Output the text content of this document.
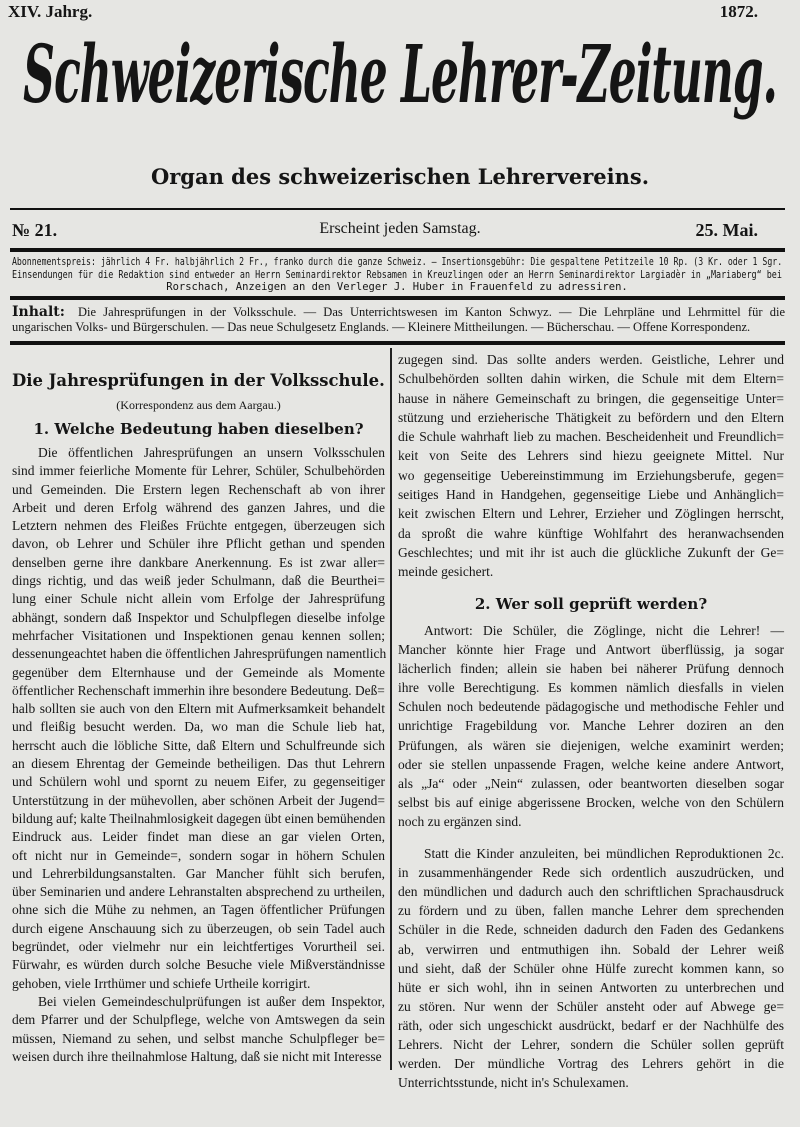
XIV. Jahrg.	1872.
Schweizerische Lehrer-Zeitung.
Organ des schweizerischen Lehrervereins.
№ 21.	Erscheint jeden Samstag.	25. Mai.
Abonnementspreis: jährlich 4 Fr. halbjährlich 2 Fr., franko durch die ganze Schweiz. — Insertionsgebühr: Die gespaltene Petitzeile 10 Rp. (3 Kr. oder 1 Sgr.
Einsendungen für die Redaktion sind entweder an Herrn Seminardirektor Rebsamen in Kreuzlingen oder an Herrn Seminardirektor Largiadèr in „Mariaberg“ bei
Rorschach, Anzeigen an den Verleger J. Huber in Frauenfeld zu adressiren.
Inhalt:	Die Jahresprüfungen in der Volksschule. — Das Unterrichtswesen im Kanton Schwyz. — Die Lehrpläne und Lehrmittel für die
ungarischen Volks- und Bürgerschulen. — Das neue Schulgesetz Englands. — Kleinere Mittheilungen. — Bücherschau. — Offene Korrespondenz.
Die Jahresprüfungen in der Volksschule.
(Korrespondenz aus dem Aargau.)
1. Welche Bedeutung haben dieselben?
Die öffentlichen Jahresprüfungen an unsern Volksschulen
sind immer feierliche Momente für Lehrer, Schüler, Schulbehörden
und Gemeinden. Die Erstern legen Rechenschaft ab von ihrer
Arbeit und deren Erfolg während des ganzen Jahres, und die
Letztern nehmen des Fleißes Früchte entgegen, überzeugen sich
davon, ob Lehrer und Schüler ihre Pflicht gethan und spenden
denselben gerne ihre dankbare Anerkennung. Es ist zwar aller=
dings richtig, und das weiß jeder Schulmann, daß die Beurthei=
lung einer Schule nicht allein vom Erfolge der Jahresprüfung
abhängt, sondern daß Inspektor und Schulpflegen dieselbe infolge
mehrfacher Visitationen und Inspektionen genau kennen sollen;
dessenungeachtet haben die öffentlichen Jahresprüfungen namentlich
gegenüber dem Elternhause und der Gemeinde als Momente
öffentlicher Rechenschaft immerhin ihre besondere Bedeutung. Deß=
halb sollten sie auch von den Eltern mit Aufmerksamkeit behandelt
und fleißig besucht werden. Da, wo man die Schule lieb hat,
herrscht auch die löbliche Sitte, daß Eltern und Schulfreunde sich
an diesem Ehrentag der Gemeinde betheiligen. Das thut Lehrern
und Schülern wohl und spornt zu neuem Eifer, zu gegenseitiger
Unterstützung in der mühevollen, aber schönen Arbeit der Jugend=
bildung auf; kalte Theilnahmlosigkeit dagegen übt einen bemühenden
Eindruck aus. Leider findet man diese an gar vielen Orten,
oft nicht nur in Gemeinde=, sondern sogar in höhern Schulen
und Lehrerbildungsanstalten. Gar Mancher fühlt sich berufen,
über Seminarien und andere Lehranstalten absprechend zu urtheilen,
ohne sich die Mühe zu nehmen, an Tagen öffentlicher Prüfungen
durch eigene Anschauung sich zu überzeugen, ob sein Tadel auch
begründet, oder vielmehr nur ein leichtfertiges Vorurtheil sei.
Fürwahr, es würden durch solche Besuche viele Mißverständnisse
gehoben, viele Irrthümer und schiefe Urtheile korrigirt.
Bei vielen Gemeindeschulprüfungen ist außer dem Inspektor,
dem Pfarrer und der Schulpflege, welche von Amtswegen da sein
müssen, Niemand zu sehen, und selbst manche Schulpfleger be=
weisen durch ihre theilnahmlose Haltung, daß sie nicht mit Interesse
zugegen sind. Das sollte anders werden. Geistliche, Lehrer und
Schulbehörden sollten dahin wirken, die Schule mit dem Eltern=
hause in nähere Gemeinschaft zu bringen, die gegenseitige Unter=
stützung und erzieherische Thätigkeit zu befördern und den Eltern
die Schule wahrhaft lieb zu machen. Bescheidenheit und Freundlich=
keit von Seite des Lehrers sind hiezu geeignete Mittel. Nur
wo gegenseitige Uebereinstimmung im Erziehungsberufe, gegen=
seitiges Hand in Handgehen, gegenseitige Liebe und Anhänglich=
keit zwischen Eltern und Lehrer, Erzieher und Zöglingen herrscht,
da sproßt die wahre künftige Wohlfahrt des heranwachsenden
Geschlechtes; und mit ihr ist auch die glückliche Zukunft der Ge=
meinde gesichert.
2. Wer soll geprüft werden?
Antwort: Die Schüler, die Zöglinge, nicht die Lehrer! —
Mancher könnte hier Frage und Antwort überflüssig, ja sogar
lächerlich finden; allein sie haben bei näherer Prüfung dennoch
ihre volle Berechtigung. Es kommen nämlich diesfalls in vielen
Schulen noch bedeutende pädagogische und methodische Fehler und
unrichtige Fragebildung vor. Manche Lehrer doziren an den
Prüfungen, als wären sie diejenigen, welche examinirt werden;
oder sie stellen unpassende Fragen, welche keine andere Antwort,
als „Ja“ oder „Nein“ zulassen, oder beantworten dieselben sogar
selbst bis auf einige abgerissene Brocken, welche von den Schülern
noch zu ergänzen sind.
Statt die Kinder anzuleiten, bei mündlichen Reproduktionen 2c.
in zusammenhängender Rede sich ordentlich auszudrücken, und
den mündlichen und dadurch auch den schriftlichen Sprachausdruck
zu fördern und zu üben, fallen manche Lehrer dem sprechenden
Schüler in die Rede, schneiden dadurch den Faden des Gedankens
ab, verwirren und entmuthigen ihn. Sobald der Lehrer weiß
und sieht, daß der Schüler ohne Hülfe zurecht kommen kann, so
hüte er sich wohl, ihn in seinen Antworten zu unterbrechen und
zu stören. Nur wenn der Schüler ansteht oder auf Abwege ge=
räth, oder sich ungeschickt ausdrückt, bedarf er der Nachhülfe des
Lehrers. Nicht der Lehrer, sondern die Schüler sollen geprüft
werden. Der mündliche Vortrag des Lehrers gehört in die
Unterrichtsstunde, nicht in's Schulexamen.
